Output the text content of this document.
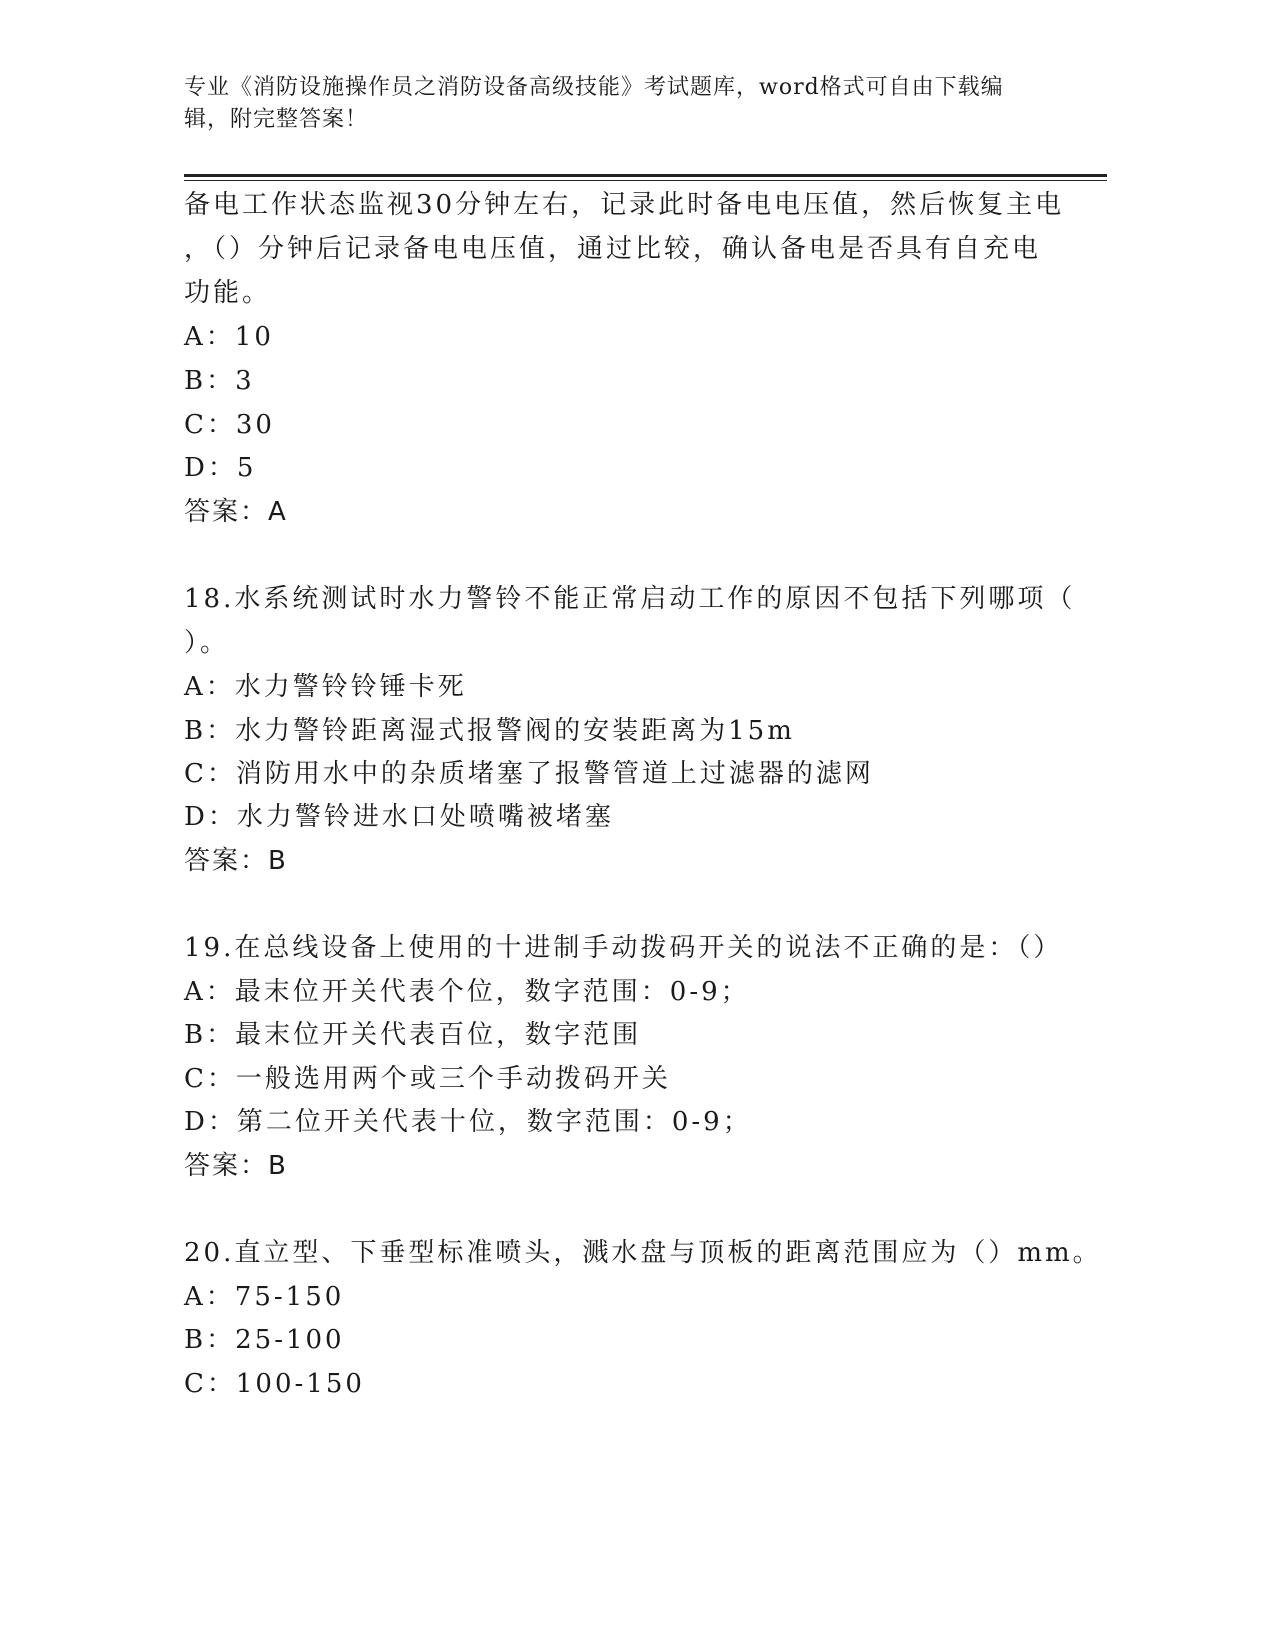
专业《消防设施操作员之消防设备高级技能》考试题库，word格式可自由下载编
辑，附完整答案！
备电工作状态监视30分钟左右，记录此时备电电压值，然后恢复主电
，（）分钟后记录备电电压值，通过比较，确认备电是否具有自充电
功能。
A：10
B：3
C：30
D：5
答案：A
18.水系统测试时水力警铃不能正常启动工作的原因不包括下列哪项（
）。
A：水力警铃铃锤卡死
B：水力警铃距离湿式报警阀的安装距离为15m
C：消防用水中的杂质堵塞了报警管道上过滤器的滤网
D：水力警铃进水口处喷嘴被堵塞
答案：B
19.在总线设备上使用的十进制手动拨码开关的说法不正确的是：（）
A：最末位开关代表个位，数字范围：0-9；
B：最末位开关代表百位，数字范围
C：一般选用两个或三个手动拨码开关
D：第二位开关代表十位，数字范围：0-9；
答案：B
20.直立型、下垂型标准喷头，溅水盘与顶板的距离范围应为（）mm。
A：75-150
B：25-100
C：100-150
